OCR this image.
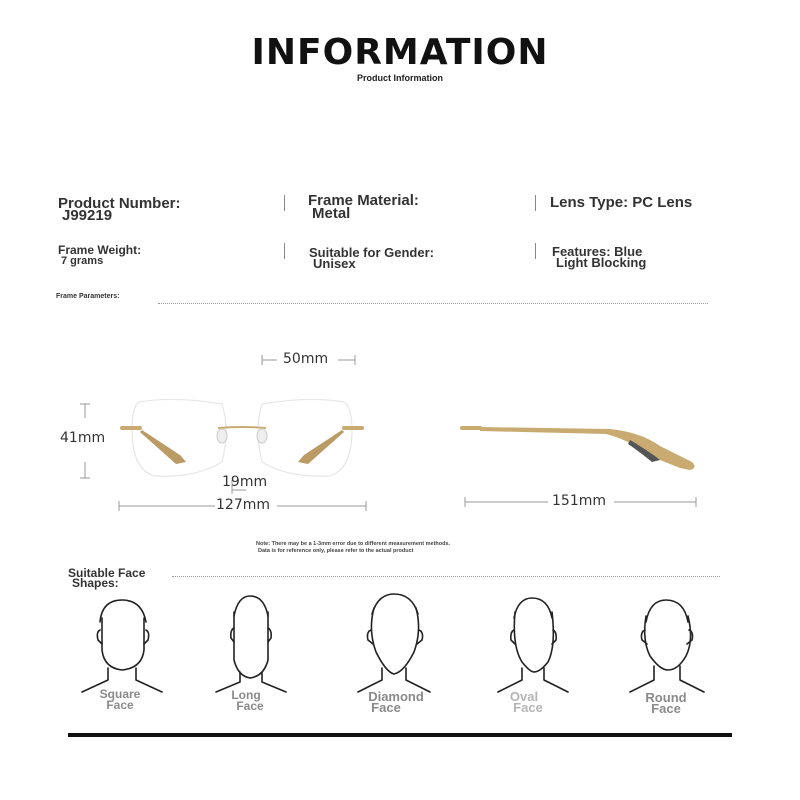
INFORMATION
Product Information
Product Number:
J99219
Frame Material:
Metal
Lens Type: PC Lens
Frame Weight:
7 grams
Suitable for Gender:
Unisex
Features: Blue
Light Blocking
Frame Parameters:
50mm
41mm
19mm
127mm	151mm
Note: There may be a 1-3mm error due to different measurement methods.
Data is for reference only, please refer to the actual product
Suitable Face
Shapes:
Square
Face
Long
Face
Diamond
Face
Oval
Face
Round
Face
